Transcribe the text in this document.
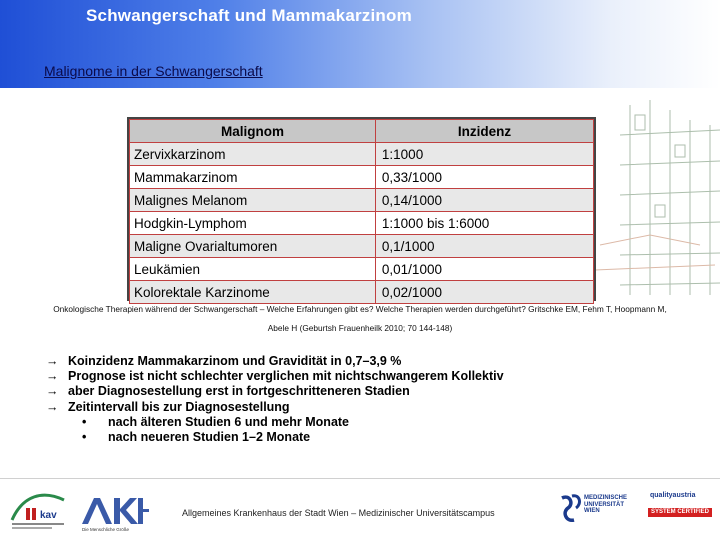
Schwangerschaft und Mammakarzinom
Malignome in der Schwangerschaft
Malignom	Inzidenz
Zervixkarzinom	1:1000
Mammakarzinom	0,33/1000
Malignes Melanom	0,14/1000
Hodgkin-Lymphom	1:1000 bis 1:6000
Maligne Ovarialtumoren	0,1/1000
Leukämien	0,01/1000
Kolorektale Karzinome	0,02/1000
Onkologische Therapien während der Schwangerschaft – Welche Erfahrungen gibt es? Welche Therapien werden durchgeführt? Gritschke EM, Fehm T, Hoopmann M,
Abele H (Geburtsh Frauenheilk 2010; 70 144-148)
→ Koinzidenz Mammakarzinom und Gravidität in 0,7–3,9 %
→ Prognose ist nicht schlechter verglichen mit nichtschwangerem Kollektiv
→ aber Diagnosestellung erst in fortgeschritteneren Stadien
→ Zeitintervall bis zur Diagnosestellung
•	nach älteren Studien 6 und mehr Monate
•	nach neueren Studien 1–2 Monate
kav
Die Menschliche Größe
Allgemeines Krankenhaus der Stadt Wien – Medizinischer Universitätscampus
MEDIZINISCHE UNIVERSITÄT WIEN
qualityaustria
SYSTEM CERTIFIED
